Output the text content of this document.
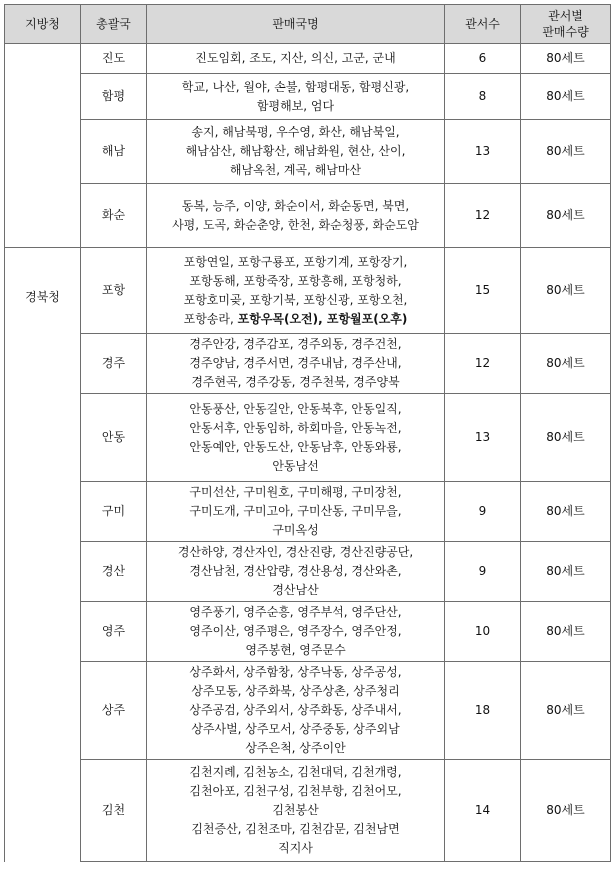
지방청	총괄국	판매국명	관서수	관서별
판매수량

	진도	진도임회, 조도, 지산, 의신, 고군, 군내	6	80세트
	함평	학교, 나산, 월야, 손불, 함평대동, 함평신광,
함평해보, 엄다	8	80세트
	해남	송지, 해남북평, 우수영, 화산, 해남북일,
해남삼산, 해남황산, 해남화원, 현산, 산이,
해남옥천, 계곡, 해남마산	13	80세트
	화순	동복, 능주, 이양, 화순이서, 화순동면, 북면,
사평, 도곡, 화순춘양, 한천, 화순청풍, 화순도암	12	80세트
경북청	포항	포항연일, 포항구룡포, 포항기계, 포항장기,
포항동해, 포항죽장, 포항흥해, 포항청하,
포항호미곶, 포항기북, 포항신광, 포항오천,
포항송라, 포항우목(오전), 포항월포(오후)	15	80세트
	경주	경주안강, 경주감포, 경주외동, 경주건천,
경주양남, 경주서면, 경주내남, 경주산내,
경주현곡, 경주강동, 경주천북, 경주양북	12	80세트
	안동	안동풍산, 안동길안, 안동북후, 안동일직,
안동서후, 안동임하, 하회마을, 안동녹전,
안동예안, 안동도산, 안동남후, 안동와룡,
안동남선	13	80세트
	구미	구미선산, 구미원호, 구미해평, 구미장천,
구미도개, 구미고아, 구미산동, 구미무을,
구미옥성	9	80세트
	경산	경산하양, 경산자인, 경산진량, 경산진량공단,
경산남천, 경산압량, 경산용성, 경산와촌,
경산남산	9	80세트
	영주	영주풍기, 영주순흥, 영주부석, 영주단산,
영주이산, 영주평은, 영주장수, 영주안정,
영주봉현, 영주문수	10	80세트
	상주	상주화서, 상주함창, 상주낙동, 상주공성,
상주모동, 상주화북, 상주상촌, 상주청리
상주공검, 상주외서, 상주화동, 상주내서,
상주사벌, 상주모서, 상주중동, 상주외남
상주은척, 상주이안	18	80세트
	김천	김천지례, 김천농소, 김천대덕, 김천개령,
김천아포, 김천구성, 김천부항, 김천어모,
김천봉산
김천증산, 김천조마, 김천감문, 김천남면
직지사	14	80세트
